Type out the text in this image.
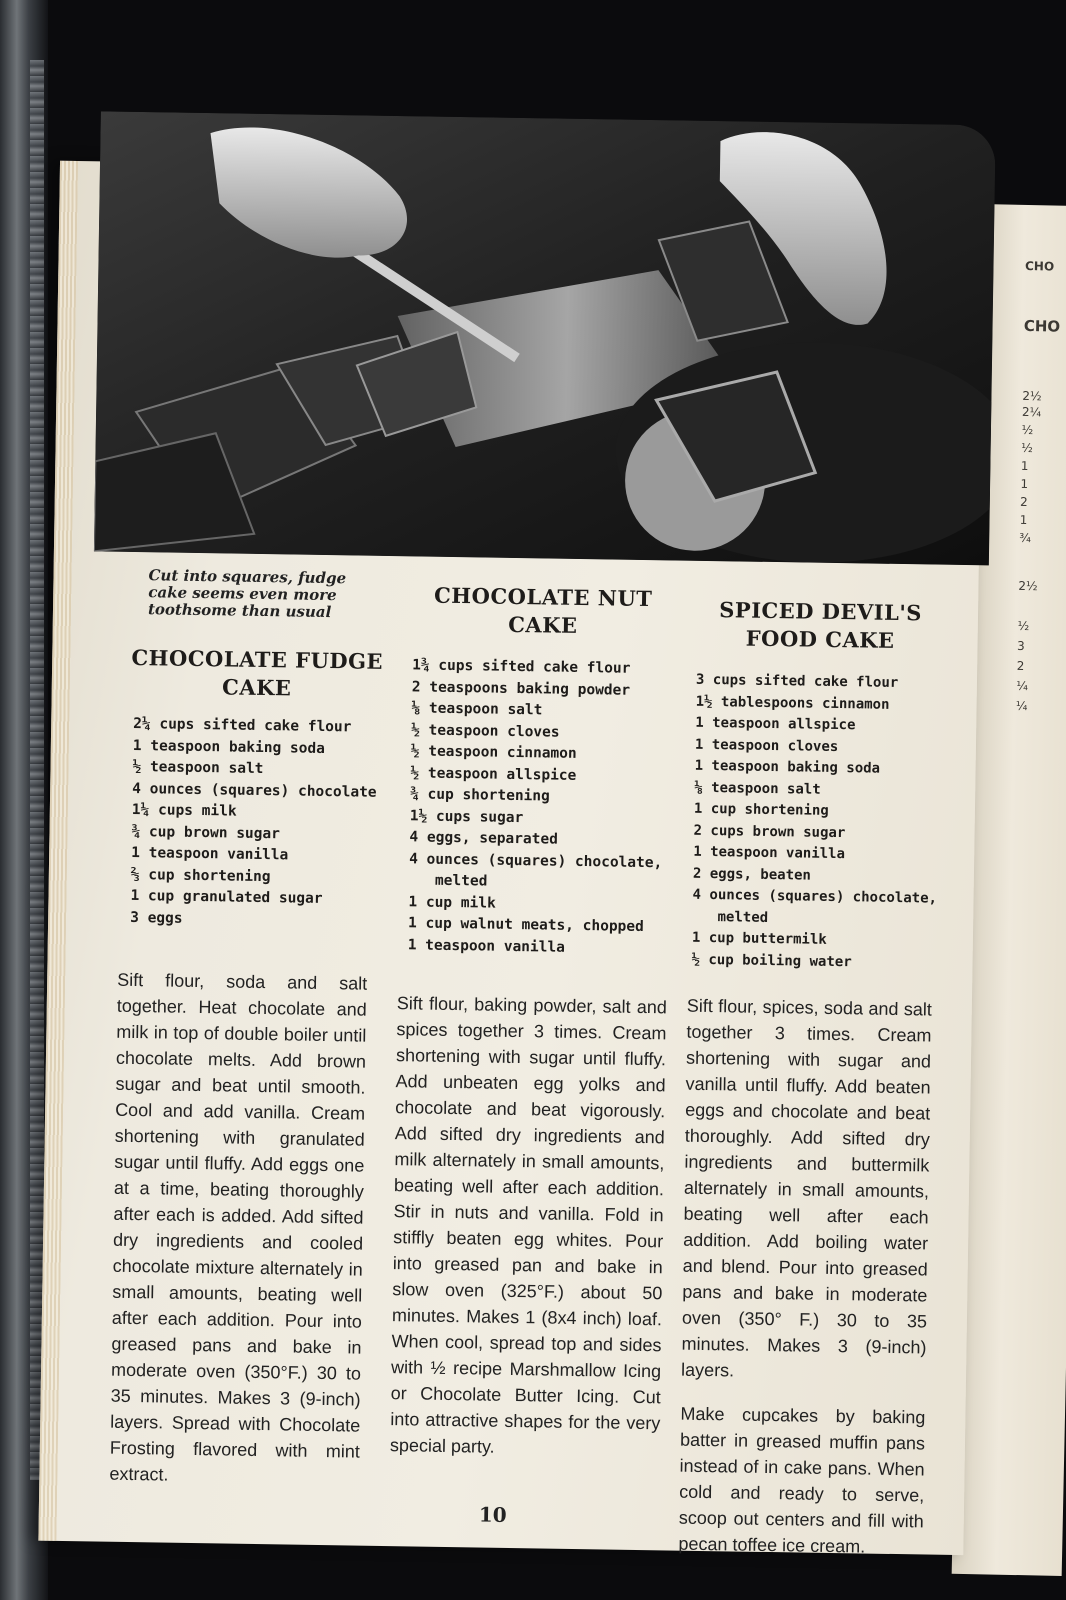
CHO
CHO
2½
2¼
½
½
1
1
2
1
¾
2½
½
3
2
¼
¼
Cut into squares, fudge cake seems even more toothsome than usual
CHOCOLATE FUDGE
CAKE
2¼ cups sifted cake flour
1 teaspoon baking soda
½ teaspoon salt
4 ounces (squares) chocolate
1¼ cups milk
¾ cup brown sugar
1 teaspoon vanilla
⅔ cup shortening
1 cup granulated sugar
3 eggs

Sift flour, soda and salt together. Heat chocolate and milk in top of double boiler until chocolate melts. Add brown sugar and beat until smooth. Cool and add vanilla. Cream shortening with granulated sugar until fluffy. Add eggs one at a time, beating thoroughly after each is added. Add sifted dry ingredients and cooled chocolate mixture alternately in small amounts, beating well after each addition. Pour into greased pans and bake in moderate oven (350°F.) 30 to 35 minutes. Makes 3 (9-inch) layers. Spread with Chocolate Frosting flavored with mint extract.

CHOCOLATE NUT
CAKE
1¾ cups sifted cake flour
2 teaspoons baking powder
⅛ teaspoon salt
½ teaspoon cloves
½ teaspoon cinnamon
½ teaspoon allspice
¾ cup shortening
1½ cups sugar
4 eggs, separated
4 ounces (squares) chocolate,
melted
1 cup milk
1 cup walnut meats, chopped
1 teaspoon vanilla

Sift flour, baking powder, salt and spices together 3 times. Cream shortening with sugar until fluffy. Add unbeaten egg yolks and chocolate and beat vigorously. Add sifted dry ingredients and milk alternately in small amounts, beating well after each addition. Stir in nuts and vanilla. Fold in stiffly beaten egg whites. Pour into greased pan and bake in slow oven (325°F.) about 50 minutes. Makes 1 (8x4 inch) loaf. When cool, spread top and sides with ½ recipe Marshmallow Icing or Chocolate Butter Icing. Cut into attractive shapes for the very special party.

SPICED DEVIL'S
FOOD CAKE
3 cups sifted cake flour
1½ tablespoons cinnamon
1 teaspoon allspice
1 teaspoon cloves
1 teaspoon baking soda
⅛ teaspoon salt
1 cup shortening
2 cups brown sugar
1 teaspoon vanilla
2 eggs, beaten
4 ounces (squares) chocolate,
melted
1 cup buttermilk
½ cup boiling water

Sift flour, spices, soda and salt together 3 times. Cream shortening with sugar and vanilla until fluffy. Add beaten eggs and chocolate and beat thoroughly. Add sifted dry ingredients and buttermilk alternately in small amounts, beating well after each addition. Add boiling water and blend. Pour into greased pans and bake in moderate oven (350° F.) 30 to 35 minutes. Makes 3 (9-inch) layers.

Make cupcakes by baking batter in greased muffin pans instead of in cake pans. When cold and ready to serve, scoop out centers and fill with pecan toffee ice cream.

10
